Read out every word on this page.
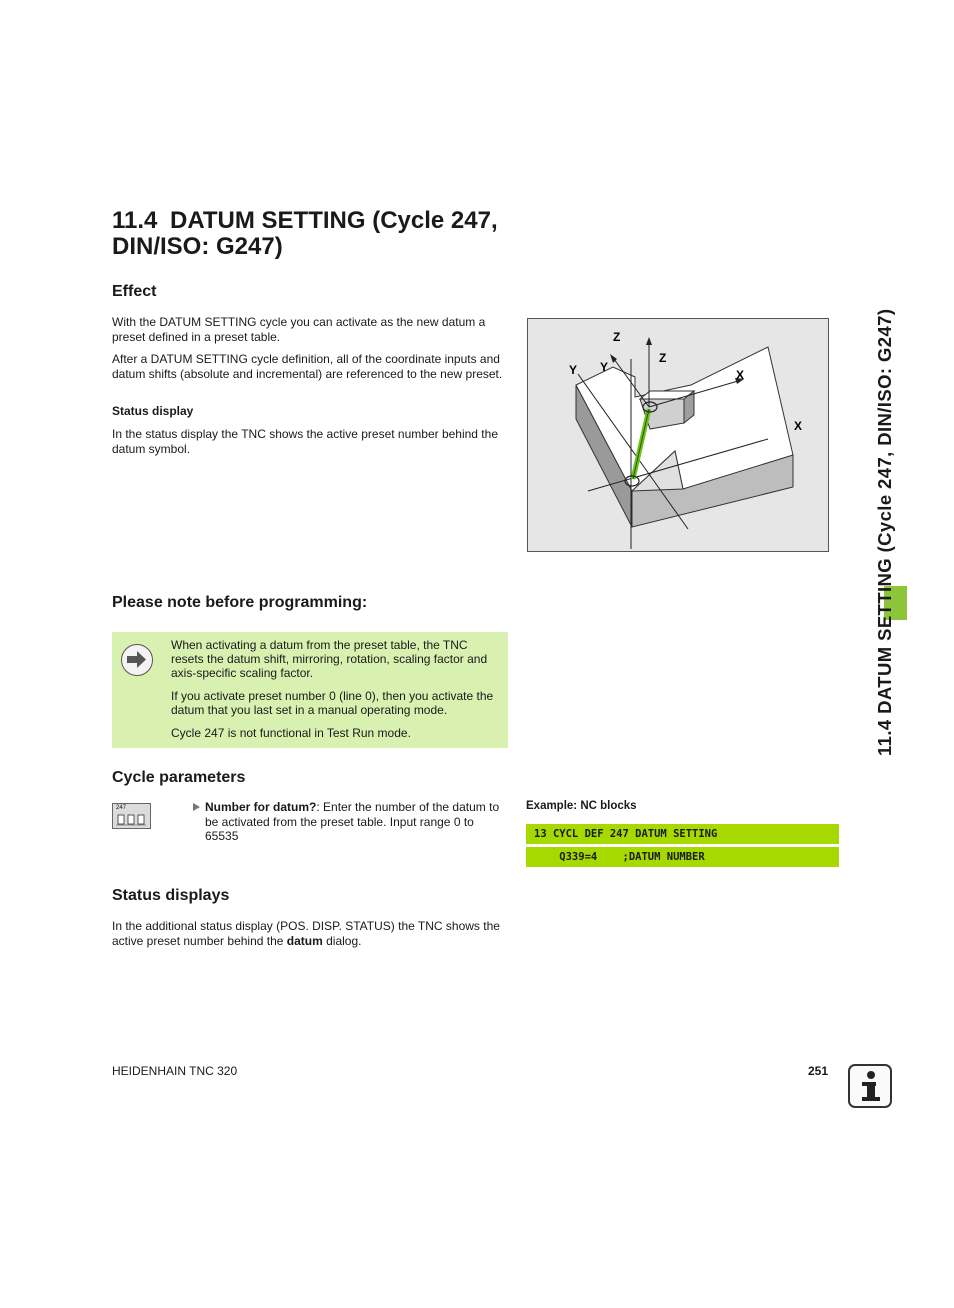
11.4 DATUM SETTING (Cycle 247, DIN/ISO: G247)
11.4 DATUM SETTING (Cycle 247, DIN/ISO: G247)
Effect

With the DATUM SETTING cycle you can activate as the new datum a preset defined in a preset table.

After a DATUM SETTING cycle definition, all of the coordinate inputs and datum shifts (absolute and incremental) are referenced to the new preset.

Status display

In the status display the TNC shows the active preset number behind the datum symbol.

Z
Y Y
Z
X
X
Please note before programming:

When activating a datum from the preset table, the TNC resets the datum shift, mirroring, rotation, scaling factor and axis-specific scaling factor.

If you activate preset number 0 (line 0), then you activate the datum that you last set in a manual operating mode.

Cycle 247 is not functional in Test Run mode.

Cycle parameters
247	Number for datum?: Enter the number of the datum to be activated from the preset table. Input range 0 to 65535
Example: NC blocks
13 CYCL DEF 247 DATUM SETTING
Q339=4    ;DATUM NUMBER
Status displays

In the additional status display (POS. DISP. STATUS) the TNC shows the active preset number behind the datum dialog.

HEIDENHAIN TNC 320	251
